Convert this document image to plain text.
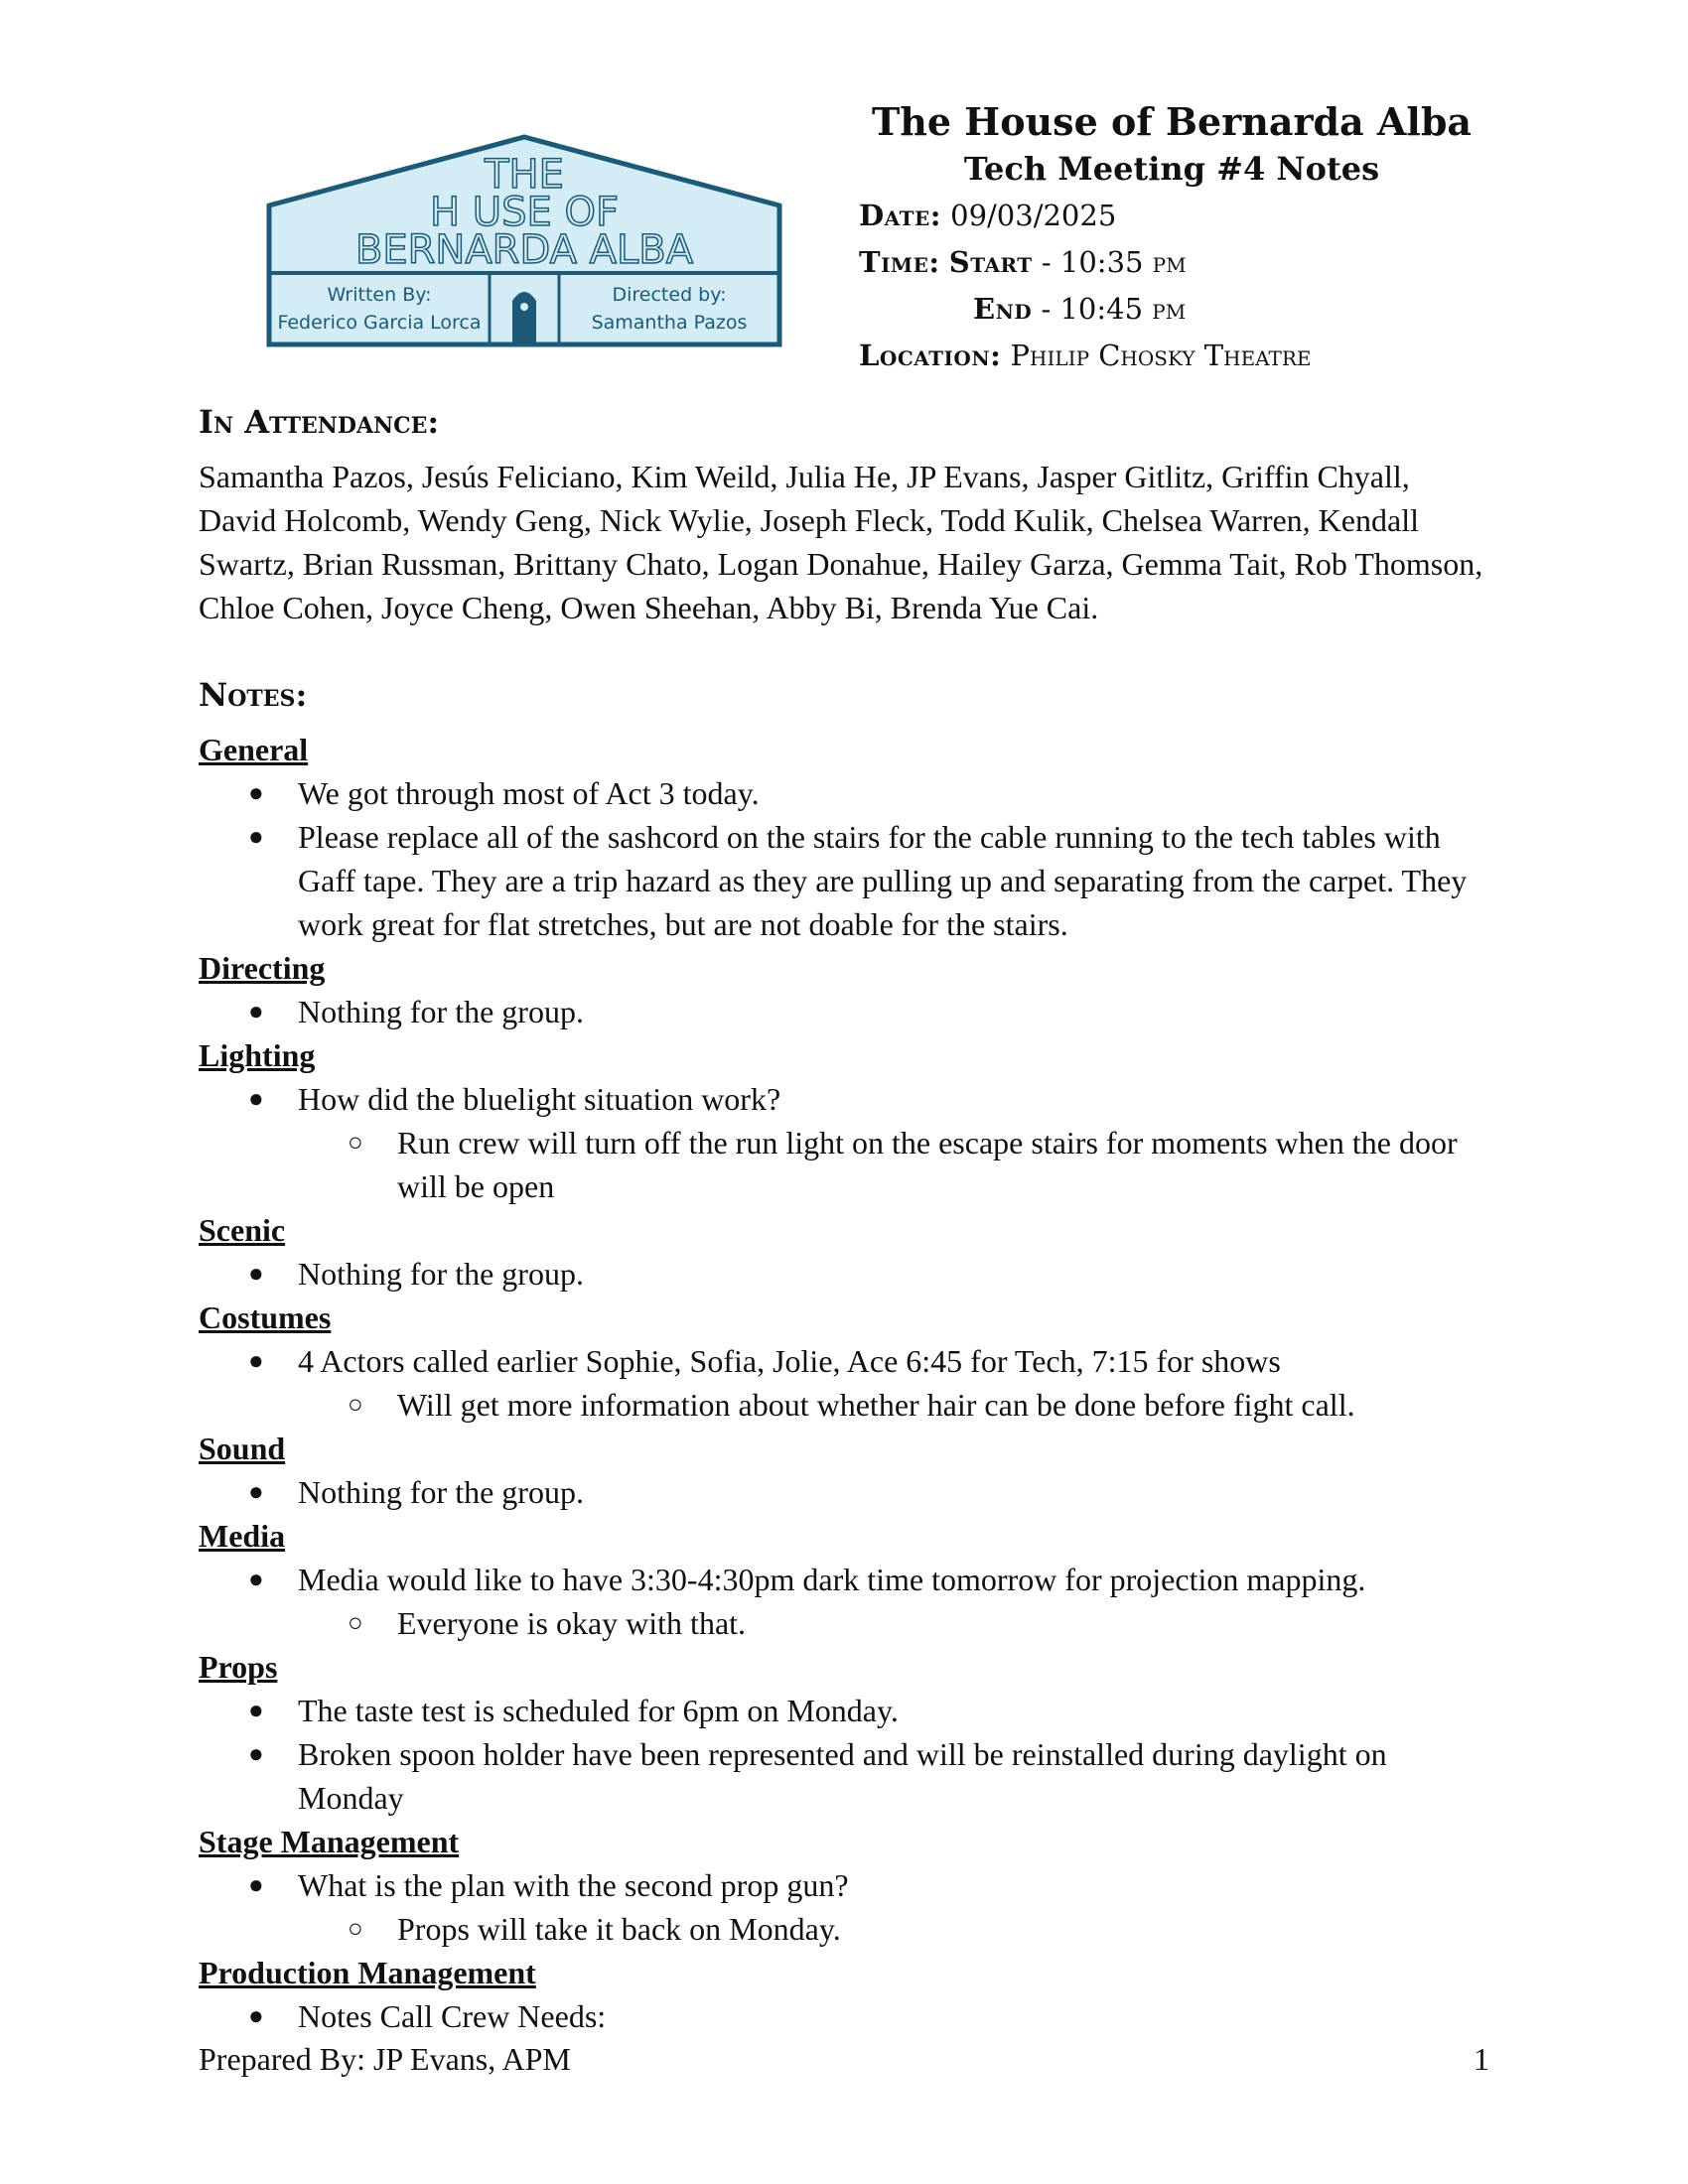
THE
H USE OF
BERNARDA ALBA
Written By:
Federico Garcia Lorca
Directed by:
Samantha Pazos
The House of Bernarda Alba
Tech Meeting #4 Notes
Date: 09/03/2025
Time: Start - 10:35 pm
End - 10:45 pm
Location: Philip Chosky Theatre
In Attendance:
Samantha Pazos, Jesús Feliciano, Kim Weild, Julia He, JP Evans, Jasper Gitlitz, Griffin Chyall, David Holcomb, Wendy Geng, Nick Wylie, Joseph Fleck, Todd Kulik, Chelsea Warren, Kendall Swartz, Brian Russman, Brittany Chato, Logan Donahue, Hailey Garza, Gemma Tait, Rob Thomson, Chloe Cohen, Joyce Cheng, Owen Sheehan, Abby Bi, Brenda Yue Cai.
Notes:
General
● We got through most of Act 3 today.
● Please replace all of the sashcord on the stairs for the cable running to the tech tables with Gaff tape. They are a trip hazard as they are pulling up and separating from the carpet. They work great for flat stretches, but are not doable for the stairs.
Directing
● Nothing for the group.
Lighting
● How did the bluelight situation work?
○ Run crew will turn off the run light on the escape stairs for moments when the door will be open
Scenic
● Nothing for the group.
Costumes
● 4 Actors called earlier Sophie, Sofia, Jolie, Ace 6:45 for Tech, 7:15 for shows
○ Will get more information about whether hair can be done before fight call.
Sound
● Nothing for the group.
Media
● Media would like to have 3:30-4:30pm dark time tomorrow for projection mapping.
○ Everyone is okay with that.
Props
● The taste test is scheduled for 6pm on Monday.
● Broken spoon holder have been represented and will be reinstalled during daylight on Monday
Stage Management
● What is the plan with the second prop gun?
○ Props will take it back on Monday.
Production Management
● Notes Call Crew Needs:
Prepared By: JP Evans, APM	1
